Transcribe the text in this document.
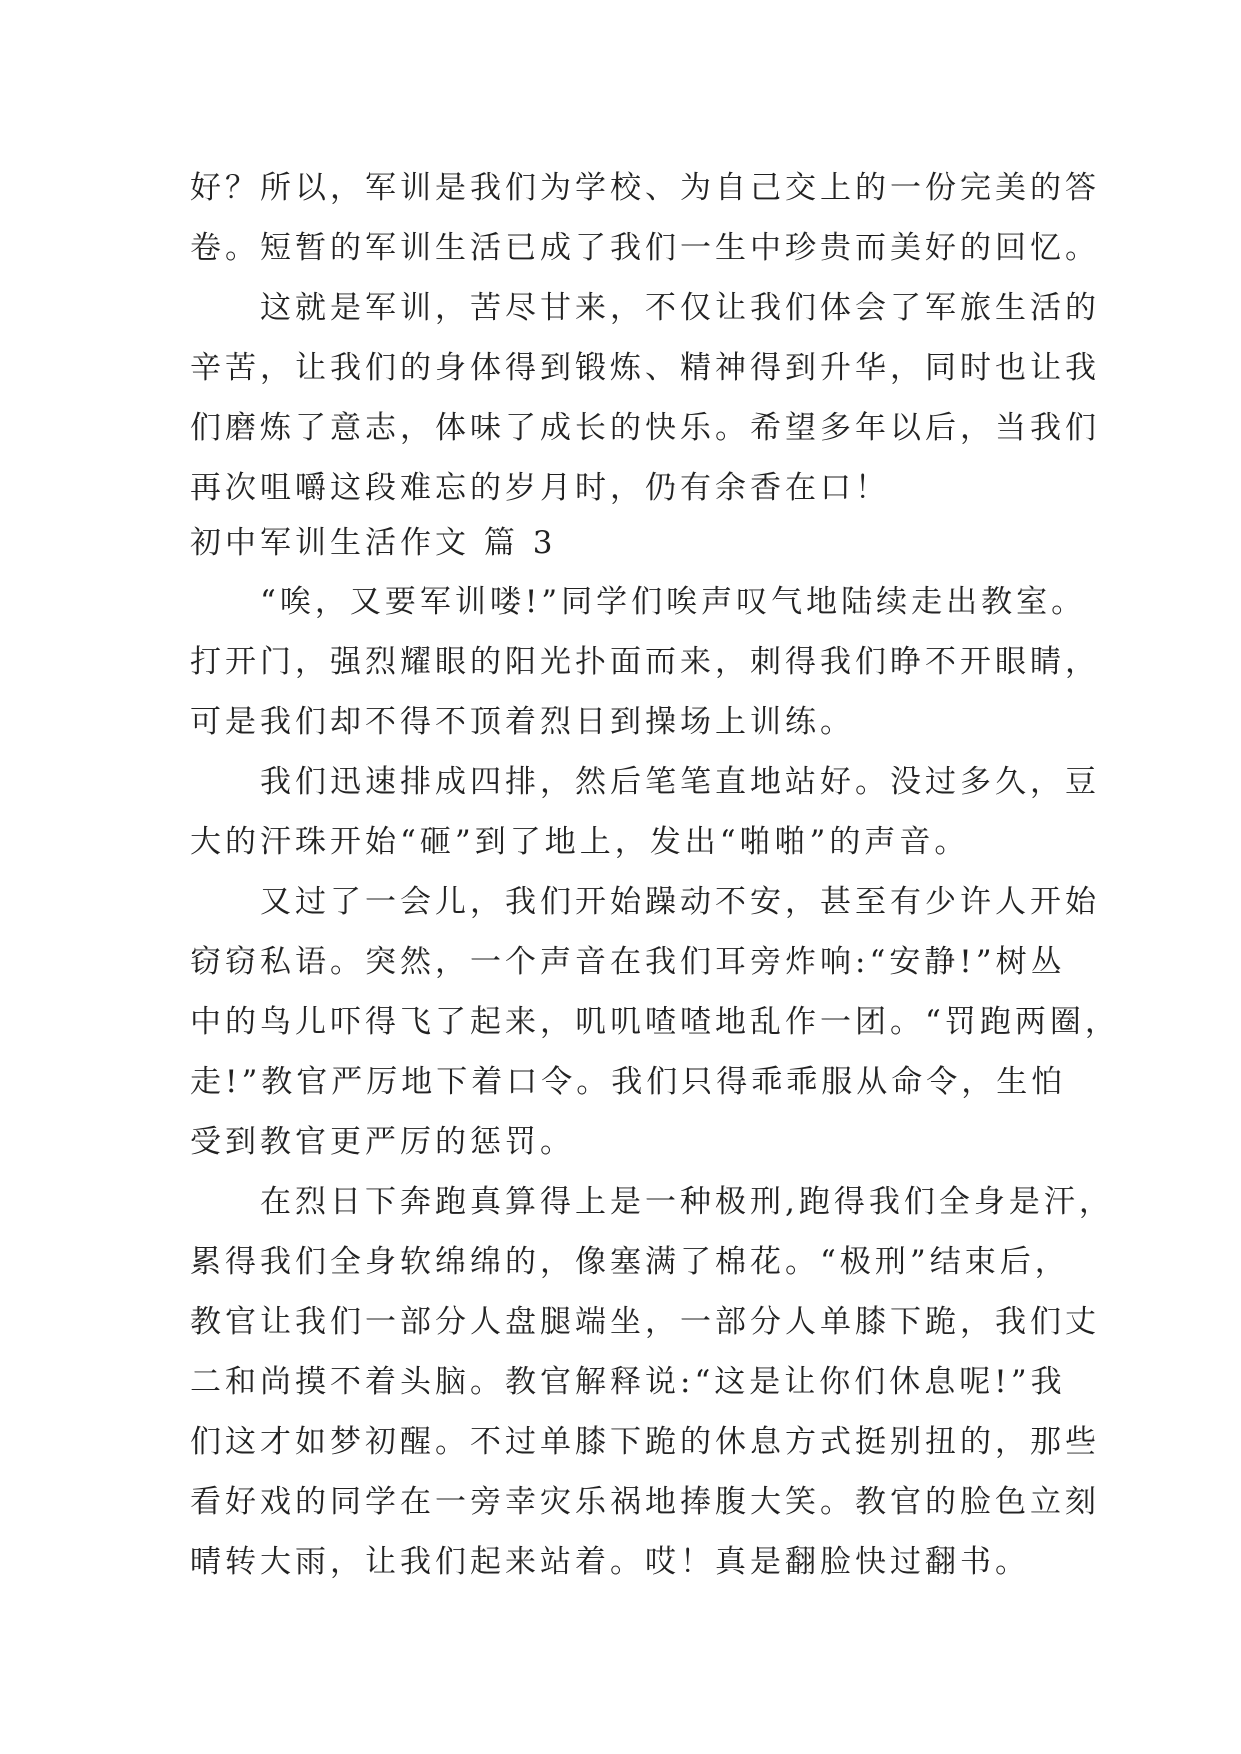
好？所以，军训是我们为学校、为自己交上的一份完美的答
卷。短暂的军训生活已成了我们一生中珍贵而美好的回忆。
这就是军训，苦尽甘来，不仅让我们体会了军旅生活的
辛苦，让我们的身体得到锻炼、精神得到升华，同时也让我
们磨炼了意志，体味了成长的快乐。希望多年以后，当我们
再次咀嚼这段难忘的岁月时，仍有余香在口！
初中军训生活作文 篇 3
“唉，又要军训喽!”同学们唉声叹气地陆续走出教室。
打开门，强烈耀眼的阳光扑面而来，刺得我们睁不开眼睛，
可是我们却不得不顶着烈日到操场上训练。
我们迅速排成四排，然后笔笔直地站好。没过多久，豆
大的汗珠开始“砸”到了地上，发出“啪啪”的声音。
又过了一会儿，我们开始躁动不安，甚至有少许人开始
窃窃私语。突然，一个声音在我们耳旁炸响:“安静!”树丛
中的鸟儿吓得飞了起来，叽叽喳喳地乱作一团。“罚跑两圈，
走!”教官严厉地下着口令。我们只得乖乖服从命令，生怕
受到教官更严厉的惩罚。
在烈日下奔跑真算得上是一种极刑,跑得我们全身是汗，
累得我们全身软绵绵的，像塞满了棉花。“极刑”结束后，
教官让我们一部分人盘腿端坐，一部分人单膝下跪，我们丈
二和尚摸不着头脑。教官解释说:“这是让你们休息呢!”我
们这才如梦初醒。不过单膝下跪的休息方式挺别扭的，那些
看好戏的同学在一旁幸灾乐祸地捧腹大笑。教官的脸色立刻
晴转大雨，让我们起来站着。哎！真是翻脸快过翻书。
